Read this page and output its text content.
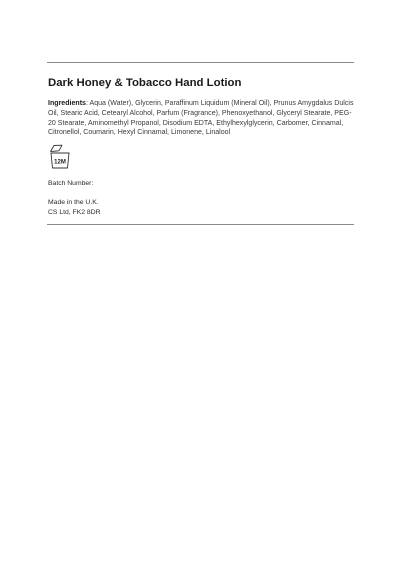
Dark Honey & Tobacco Hand Lotion
Ingredients: Aqua (Water), Glycerin, Paraffinum Liquidum (Mineral Oil), Prunus Amygdalus Dulcis Oil, Stearic Acid, Cetearyl Alcohol, Parfum (Fragrance), Phenoxyethanol, Glyceryl Stearate, PEG-20 Stearate, Aminomethyl Propanol, Disodium EDTA, Ethylhexylglycerin, Carbomer, Cinnamal, Citronellol, Coumarin, Hexyl Cinnamal, Limonene, Linalool
12M
Batch Number:
Made in the U.K.
CS Ltd, FK2 8DR
